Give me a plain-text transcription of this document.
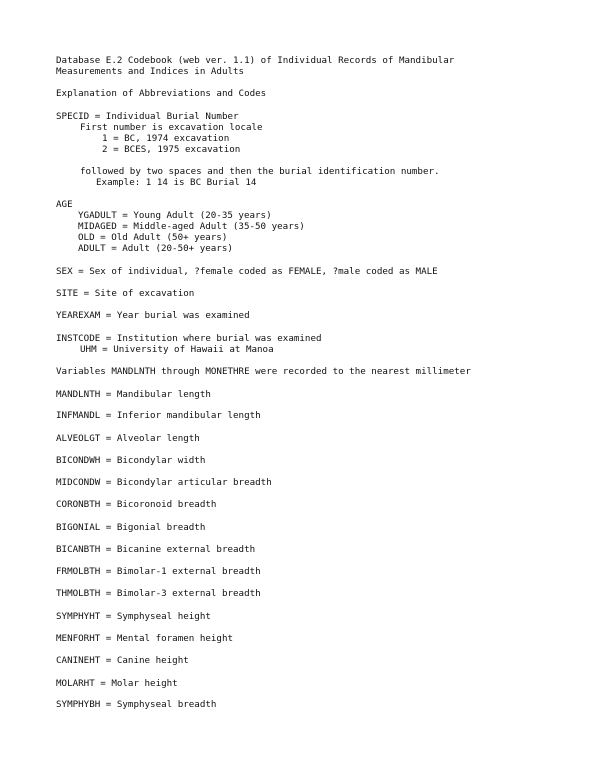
Database E.2 Codebook (web ver. 1.1) of Individual Records of Mandibular
Measurements and Indices in Adults
Explanation of Abbreviations and Codes
SPECID = Individual Burial Number
First number is excavation locale
1 = BC, 1974 excavation
2 = BCES, 1975 excavation
followed by two spaces and then the burial identification number.
Example: 1 14 is BC Burial 14
AGE
YGADULT = Young Adult (20-35 years)
MIDAGED = Middle-aged Adult (35-50 years)
OLD = Old Adult (50+ years)
ADULT = Adult (20-50+ years)
SEX = Sex of individual, ?female coded as FEMALE, ?male coded as MALE
SITE = Site of excavation
YEAREXAM = Year burial was examined
INSTCODE = Institution where burial was examined
UHM = University of Hawaii at Manoa
Variables MANDLNTH through MONETHRE were recorded to the nearest millimeter
MANDLNTH = Mandibular length
INFMANDL = Inferior mandibular length
ALVEOLGT = Alveolar length
BICONDWH = Bicondylar width
MIDCONDW = Bicondylar articular breadth
CORONBTH = Bicoronoid breadth
BIGONIAL = Bigonial breadth
BICANBTH = Bicanine external breadth
FRMOLBTH = Bimolar-1 external breadth
THMOLBTH = Bimolar-3 external breadth
SYMPHYHT = Symphyseal height
MENFORHT = Mental foramen height
CANINEHT = Canine height
MOLARHT = Molar height
SYMPHYBH = Symphyseal breadth
